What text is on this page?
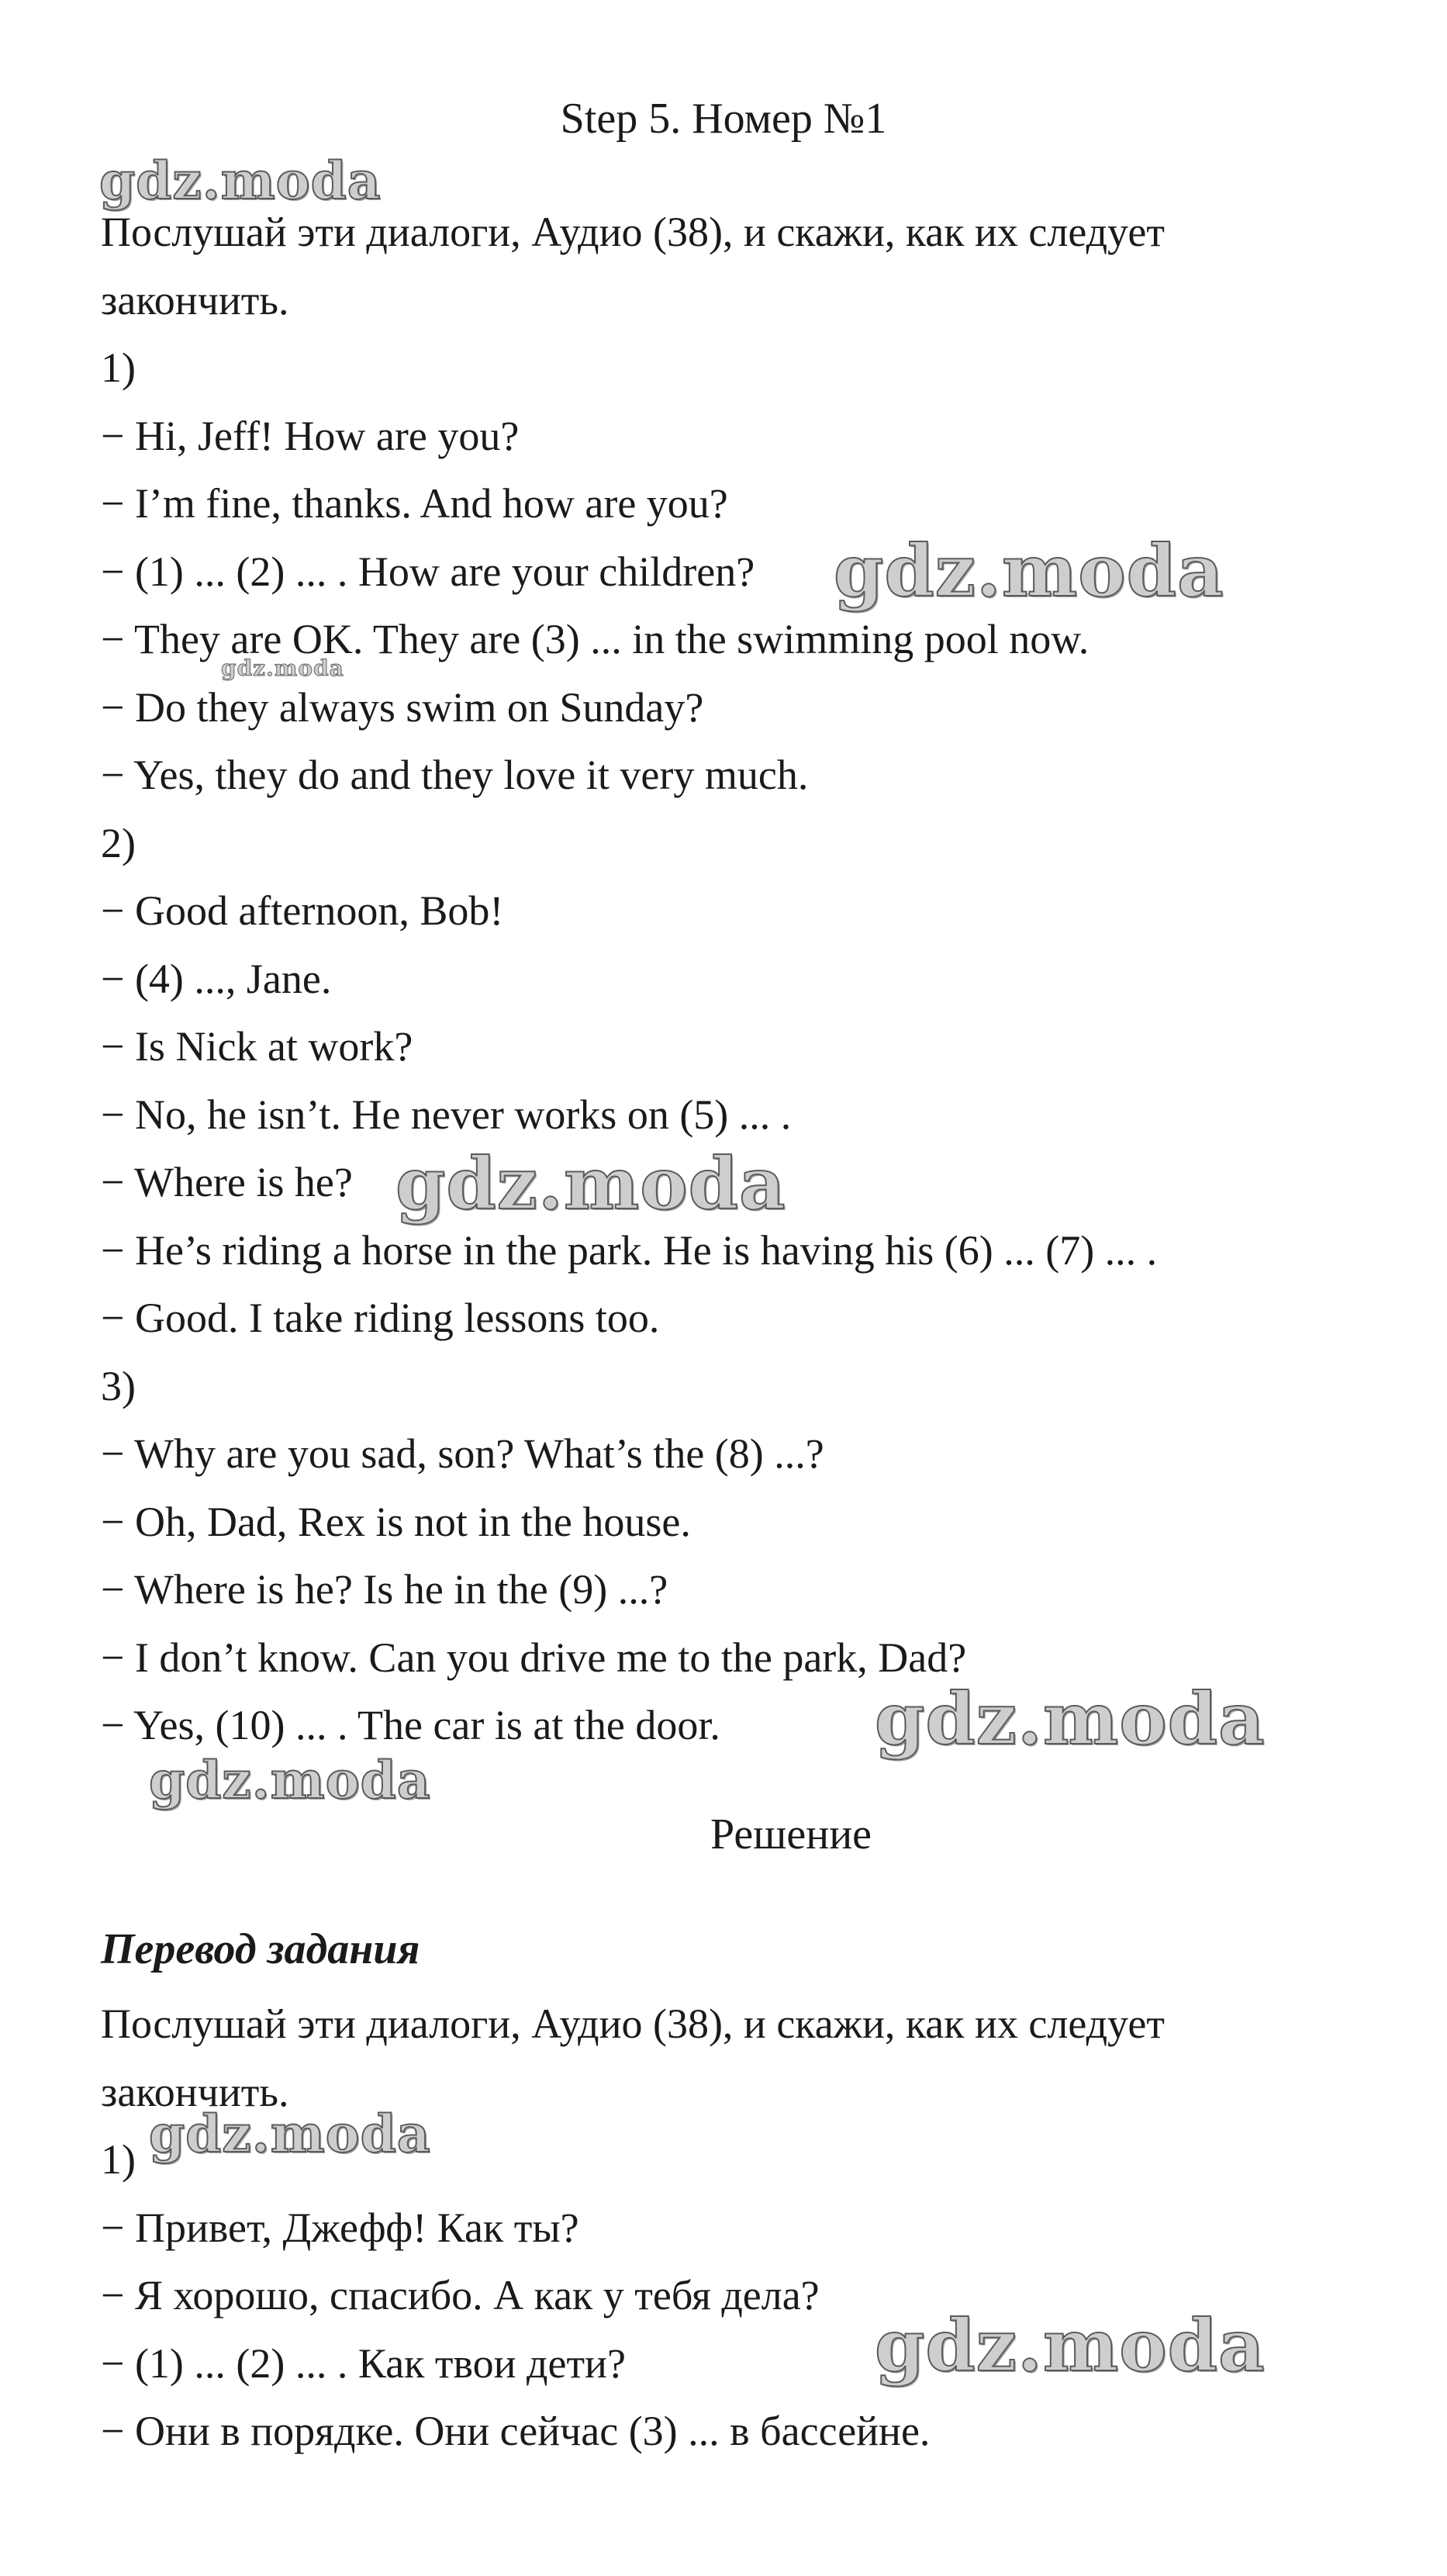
Step 5. Номер №1
gdz.moda
Послушай эти диалоги, Аудио (38), и скажи, как их следует
закончить.
1)
− Hi, Jeff! How are you?
− I’m fine, thanks. And how are you?
− (1) ... (2) ... . How are your children?
− They are OK. They are (3) ... in the swimming pool now.
− Do they always swim on Sunday?
− Yes, they do and they love it very much.
2)
− Good afternoon, Bob!
− (4) ..., Jane.
− Is Nick at work?
− No, he isn’t. He never works on (5) ... .
− Where is he?
− He’s riding a horse in the park. He is having his (6) ... (7) ... .
− Good. I take riding lessons too.
3)
− Why are you sad, son? What’s the (8) ...?
− Oh, Dad, Rex is not in the house.
− Where is he? Is he in the (9) ...?
− I don’t know. Can you drive me to the park, Dad?
− Yes, (10) ... . The car is at the door.
gdz.moda
gdz.moda
gdz.moda
gdz.moda
gdz.moda
Решение
Перевод задания
Послушай эти диалоги, Аудио (38), и скажи, как их следует
закончить.
1)
− Привет, Джефф! Как ты?
− Я хорошо, спасибо. А как у тебя дела?
− (1) ... (2) ... . Как твои дети?
− Они в порядке. Они сейчас (3) ... в бассейне.
gdz.moda
gdz.moda
